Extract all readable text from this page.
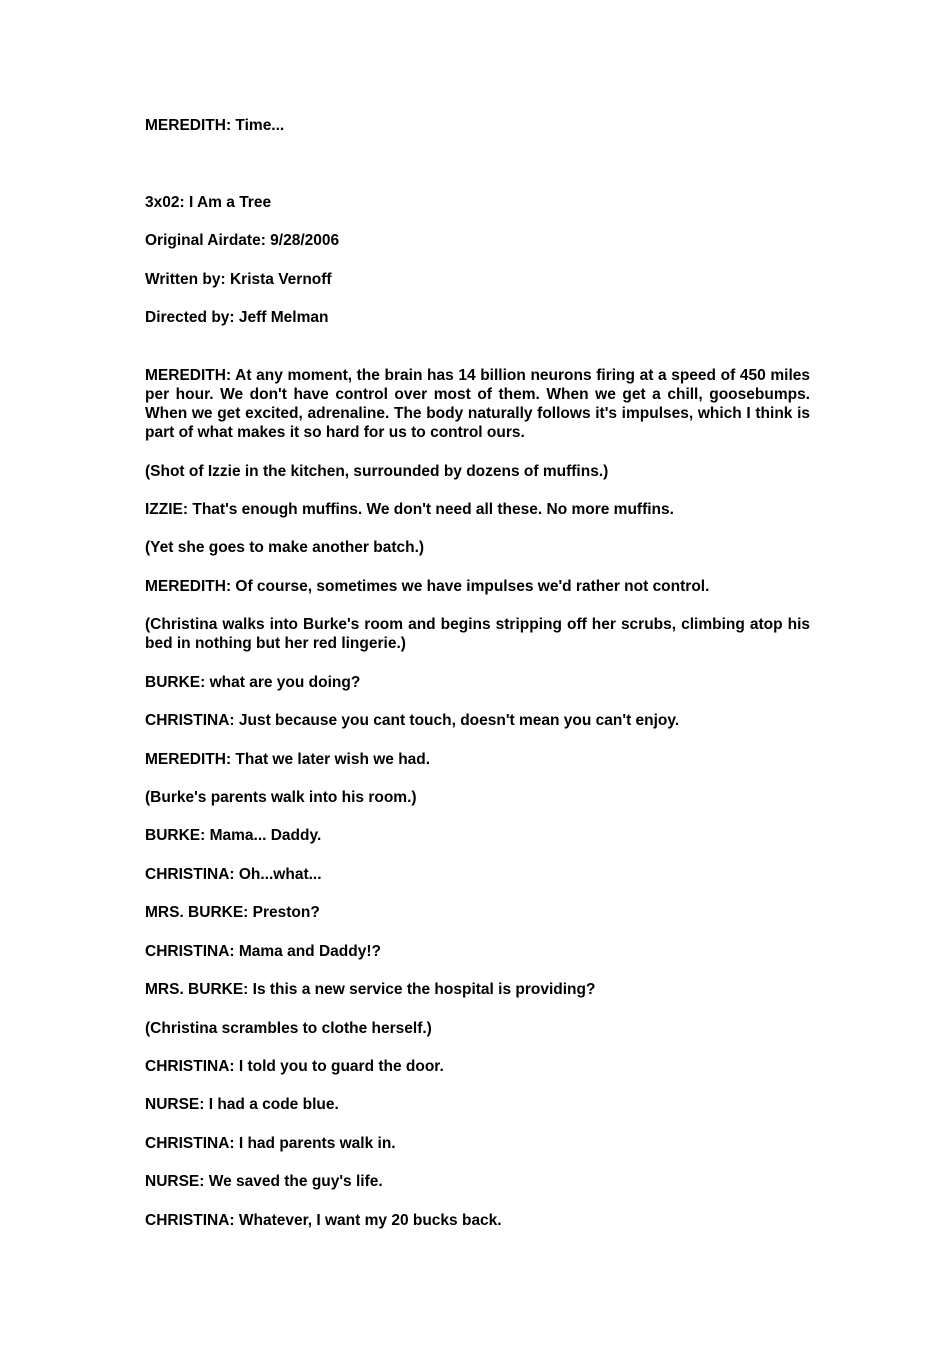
MEREDITH: Time...
3x02: I Am a Tree
Original Airdate: 9/28/2006
Written by: Krista Vernoff
Directed by: Jeff Melman
MEREDITH: At any moment, the brain has 14 billion neurons firing at a speed of 450 miles per hour. We don't have control over most of them. When we get a chill, goosebumps. When we get excited, adrenaline. The body naturally follows it's impulses, which I think is part of what makes it so hard for us to control ours.
(Shot of Izzie in the kitchen, surrounded by dozens of muffins.)
IZZIE: That's enough muffins. We don't need all these. No more muffins.
(Yet she goes to make another batch.)
MEREDITH: Of course, sometimes we have impulses we'd rather not control.
(Christina walks into Burke's room and begins stripping off her scrubs, climbing atop his bed in nothing but her red lingerie.)
BURKE: what are you doing?
CHRISTINA: Just because you cant touch, doesn't mean you can't enjoy.
MEREDITH: That we later wish we had.
(Burke's parents walk into his room.)
BURKE: Mama... Daddy.
CHRISTINA: Oh...what...
MRS. BURKE: Preston?
CHRISTINA: Mama and Daddy!?
MRS. BURKE: Is this a new service the hospital is providing?
(Christina scrambles to clothe herself.)
CHRISTINA: I told you to guard the door.
NURSE: I had a code blue.
CHRISTINA: I had parents walk in.
NURSE: We saved the guy's life.
CHRISTINA: Whatever, I want my 20 bucks back.
